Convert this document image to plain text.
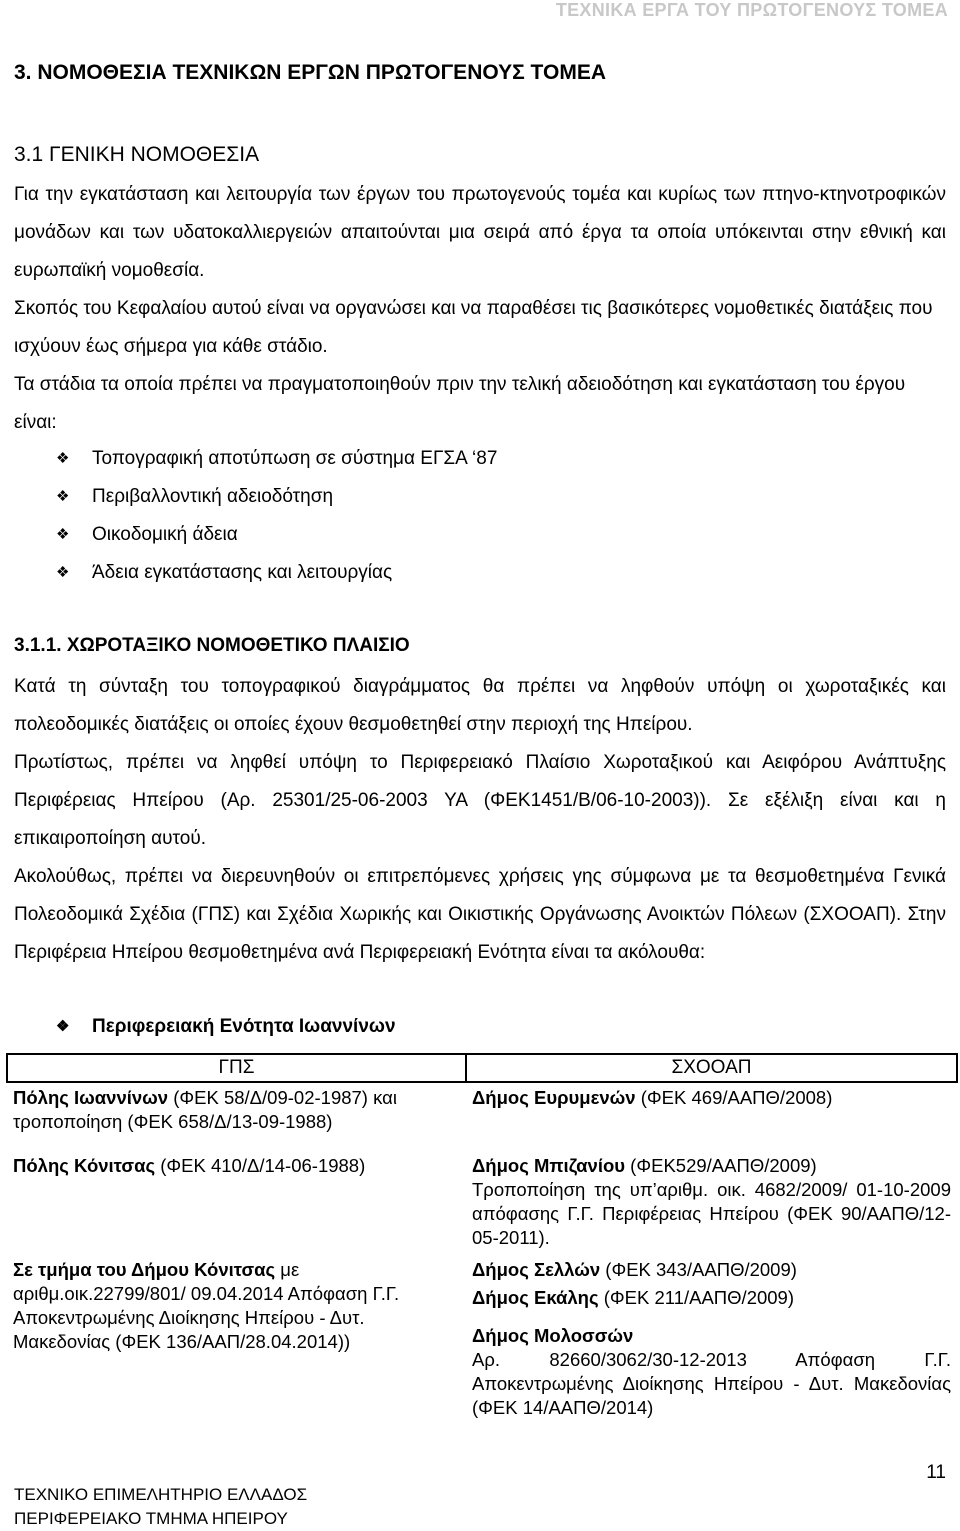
ΤΕΧΝΙΚΑ ΕΡΓΑ ΤΟΥ ΠΡΩΤΟΓΕΝΟΥΣ ΤΟΜΕΑ
3. ΝΟΜΟΘΕΣΙΑ ΤΕΧΝΙΚΩΝ ΕΡΓΩΝ ΠΡΩΤΟΓΕΝΟΥΣ ΤΟΜΕΑ
3.1 ΓΕΝΙΚΗ ΝΟΜΟΘΕΣΙΑ

Για την εγκατάσταση και λειτουργία των έργων του πρωτογενούς τομέα και κυρίως των πτηνο-κτηνοτροφικών μονάδων και των υδατοκαλλιεργειών απαιτούνται μια σειρά από έργα τα οποία υπόκεινται στην εθνική και ευρωπαϊκή νομοθεσία.

Σκοπός του Κεφαλαίου αυτού είναι να οργανώσει και να παραθέσει τις βασικότερες νομοθετικές διατάξεις που ισχύουν έως σήμερα για κάθε στάδιο.

Τα στάδια τα οποία πρέπει να πραγματοποιηθούν πριν την τελική αδειοδότηση και εγκατάσταση του έργου είναι:

❖ Τοπογραφική αποτύπωση σε σύστημα ΕΓΣΑ ‘87
❖ Περιβαλλοντική αδειοδότηση
❖ Οικοδομική άδεια
❖ Άδεια εγκατάστασης και λειτουργίας
3.1.1. ΧΩΡΟΤΑΞΙΚΟ ΝΟΜΟΘΕΤΙΚΟ ΠΛΑΙΣΙΟ

Κατά τη σύνταξη του τοπογραφικού διαγράμματος θα πρέπει να ληφθούν υπόψη οι χωροταξικές και πολεοδομικές διατάξεις οι οποίες έχουν θεσμοθετηθεί στην περιοχή της Ηπείρου.

Πρωτίστως, πρέπει να ληφθεί υπόψη το Περιφερειακό Πλαίσιο Χωροταξικού και Αειφόρου Ανάπτυξης Περιφέρειας Ηπείρου (Αρ. 25301/25-06-2003 ΥΑ (ΦΕΚ1451/Β/06-10-2003)). Σε εξέλιξη είναι και η επικαιροποίηση αυτού.

Ακολούθως, πρέπει να διερευνηθούν οι επιτρεπόμενες χρήσεις γης σύμφωνα με τα θεσμοθετημένα Γενικά Πολεοδομικά Σχέδια (ΓΠΣ) και Σχέδια Χωρικής και Οικιστικής Οργάνωσης Ανοικτών Πόλεων (ΣΧΟΟΑΠ). Στην Περιφέρεια Ηπείρου θεσμοθετημένα ανά Περιφερειακή Ενότητα είναι τα ακόλουθα:

❖ Περιφερειακή Ενότητα Ιωαννίνων
ΓΠΣ	ΣΧΟΟΑΠ

Πόλης Ιωαννίνων (ΦΕΚ 58/Δ/09-02-1987) και τροποποίηση (ΦΕΚ 658/Δ/13-09-1988)	Δήμος Ευρυμενών (ΦΕΚ 469/ΑΑΠΘ/2008)

Πόλης Κόνιτσας (ΦΕΚ 410/Δ/14-06-1988)	Δήμος Μπιζανίου (ΦΕΚ529/ΑΑΠΘ/2009)
Τροποποίηση της υπ’αριθμ. οικ. 4682/2009/ 01-10-2009 απόφασης Γ.Γ. Περιφέρειας Ηπείρου (ΦΕΚ 90/ΑΑΠΘ/12-05-2011).

Σε τμήμα του Δήμου Κόνιτσας με αριθμ.οικ.22799/801/ 09.04.2014 Απόφαση Γ.Γ. Αποκεντρωμένης Διοίκησης Ηπείρου - Δυτ. Μακεδονίας (ΦΕΚ 136/ΑΑΠ/28.04.2014))	Δήμος Σελλών (ΦΕΚ 343/ΑΑΠΘ/2009)
Δήμος Εκάλης (ΦΕΚ 211/ΑΑΠΘ/2009)
Δήμος Μολοσσών
Αρ. 82660/3062/30-12-2013 Απόφαση Γ.Γ. Αποκεντρωμένης Διοίκησης Ηπείρου - Δυτ. Μακεδονίας (ΦΕΚ 14/ΑΑΠΘ/2014)
11
ΤΕΧΝΙΚΟ ΕΠΙΜΕΛΗΤΗΡΙΟ ΕΛΛΑΔΟΣ
ΠΕΡΙΦΕΡΕΙΑΚΟ ΤΜΗΜΑ ΗΠΕΙΡΟΥ
